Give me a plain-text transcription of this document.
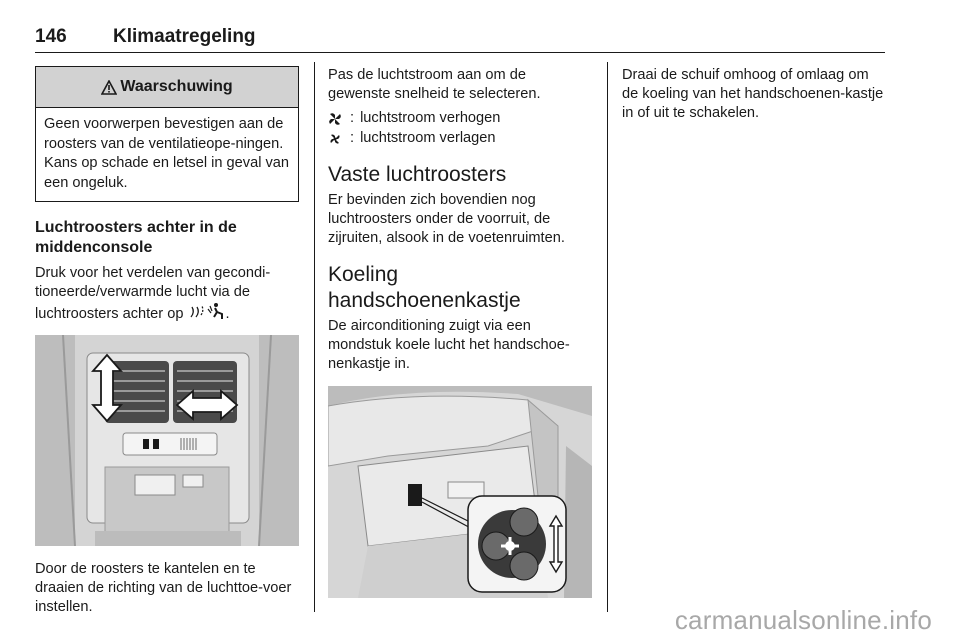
146 Klimaatregeling
Waarschuwing
Geen voorwerpen bevestigen aan de roosters van de ventilatieope-ningen. Kans op schade en letsel in geval van een ongeluk.
Luchtroosters achter in de middenconsole
Druk voor het verdelen van gecondi-tioneerde/verwarmde lucht via de luchtroosters achter op	.
Door de roosters te kantelen en te draaien de richting van de luchttoe-voer instellen.
Pas de luchtstroom aan om de gewenste snelheid te selecteren.
: luchtstroom verhogen
: luchtstroom verlagen
Vaste luchtroosters
Er bevinden zich bovendien nog luchtroosters onder de voorruit, de zijruiten, alsook in de voetenruimten.
Koeling
handschoenenkastje
De airconditioning zuigt via een mondstuk koele lucht het handschoe-nenkastje in.
Draai de schuif omhoog of omlaag om de koeling van het handschoenen-kastje in of uit te schakelen.
carmanualsonline.info
